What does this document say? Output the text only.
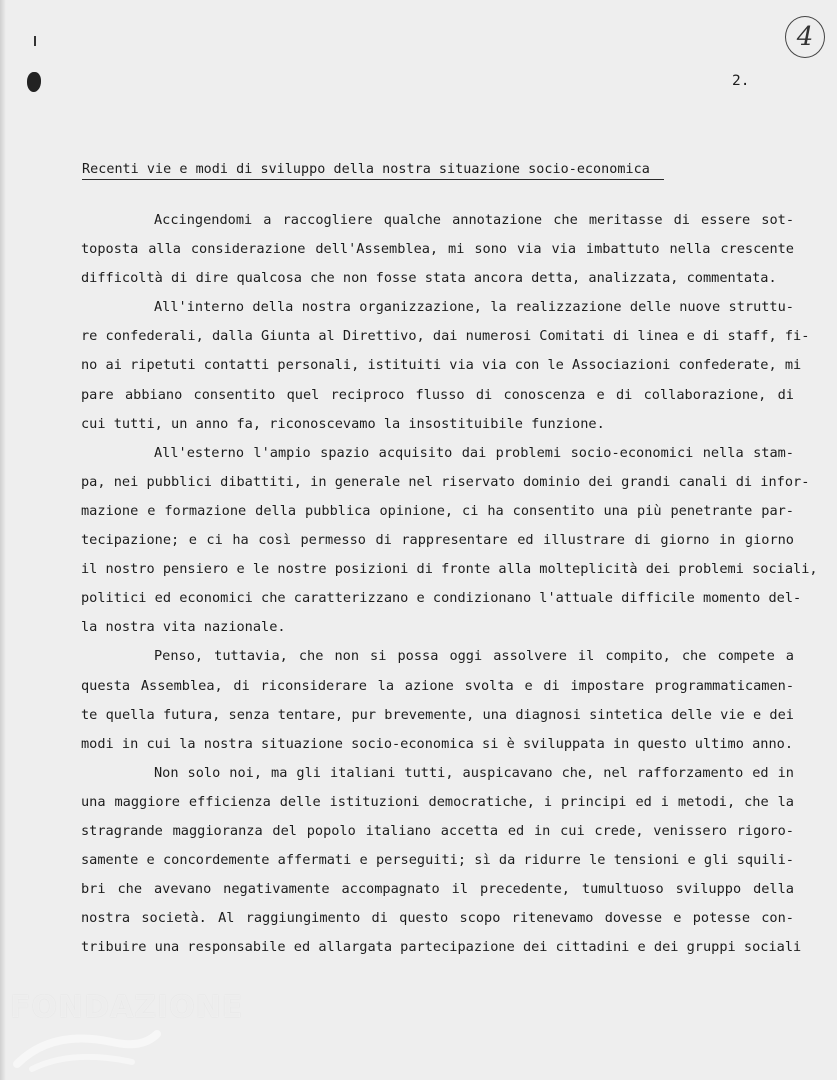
4
2.
Recenti vie e modi di sviluppo della nostra situazione socio-economica
Accingendomi a raccogliere qualche annotazione che meritasse di essere sot-
toposta alla considerazione dell'Assemblea, mi sono via via imbattuto nella crescente
difficoltà di dire qualcosa che non fosse stata ancora detta, analizzata, commentata.
All'interno della nostra organizzazione, la realizzazione delle nuove struttu-
re confederali, dalla Giunta al Direttivo, dai numerosi Comitati di linea e di staff, fi-
no ai ripetuti contatti personali, istituiti via via con le Associazioni confederate, mi
pare abbiano consentito quel reciproco flusso di conoscenza e di collaborazione, di
cui tutti, un anno fa, riconoscevamo la insostituibile funzione.
All'esterno l'ampio spazio acquisito dai problemi socio-economici nella stam-
pa, nei pubblici dibattiti, in generale nel riservato dominio dei grandi canali di infor-
mazione e formazione della pubblica opinione, ci ha consentito una più penetrante par-
tecipazione; e ci ha così permesso di rappresentare ed illustrare di giorno in giorno
il nostro pensiero e le nostre posizioni di fronte alla molteplicità dei problemi sociali,
politici ed economici che caratterizzano e condizionano l'attuale difficile momento del-
la nostra vita nazionale.
Penso, tuttavia, che non si possa oggi assolvere il compito, che compete a
questa Assemblea, di riconsiderare la azione svolta e di impostare programmaticamen-
te quella futura, senza tentare, pur brevemente, una diagnosi sintetica delle vie e dei
modi in cui la nostra situazione socio-economica si è sviluppata in questo ultimo anno.
Non solo noi, ma gli italiani tutti, auspicavano che, nel rafforzamento ed in
una maggiore efficienza delle istituzioni democratiche, i principi ed i metodi, che la
stragrande maggioranza del popolo italiano accetta ed in cui crede, venissero rigoro-
samente e concordemente affermati e perseguiti; sì da ridurre le tensioni e gli squili-
bri che avevano negativamente accompagnato il precedente, tumultuoso sviluppo della
nostra società. Al raggiungimento di questo scopo ritenevamo dovesse e potesse con-
tribuire una responsabile ed allargata partecipazione dei cittadini e dei gruppi sociali
FONDAZIONE
